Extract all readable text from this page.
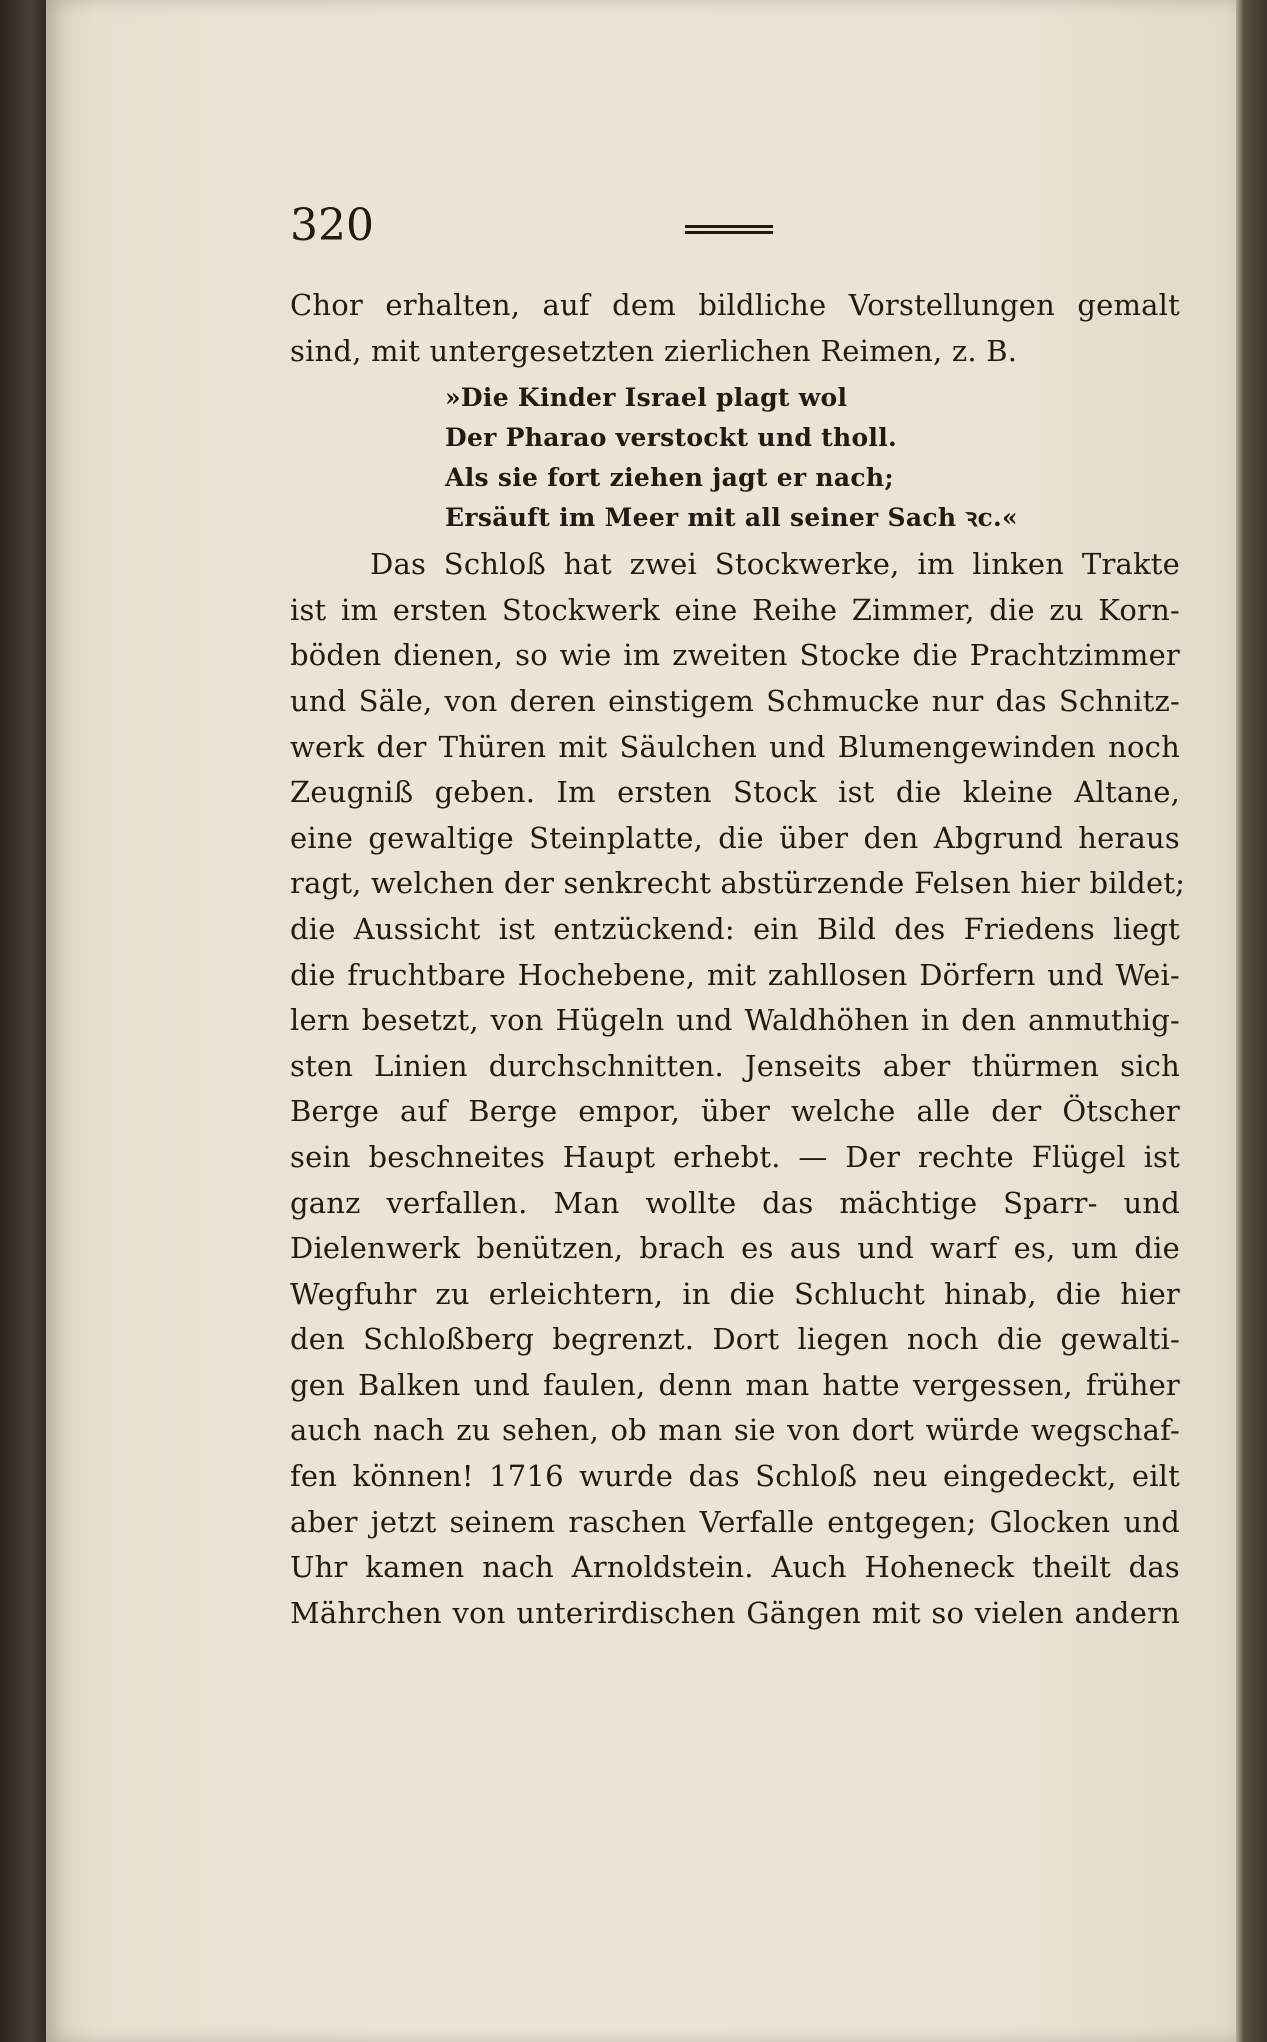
320
Chor erhalten, auf dem bildliche Vorstellungen gemalt
sind, mit untergesetzten zierlichen Reimen, z. B.
»Die Kinder Israel plagt wol
Der Pharao verstockt und tholl.
Als sie fort ziehen jagt er nach;
Ersäuft im Meer mit all seiner Sach ꝛc.«
Das Schloß hat zwei Stockwerke, im linken Trakte
ist im ersten Stockwerk eine Reihe Zimmer, die zu Korn-
böden dienen, so wie im zweiten Stocke die Prachtzimmer
und Säle, von deren einstigem Schmucke nur das Schnitz-
werk der Thüren mit Säulchen und Blumengewinden noch
Zeugniß geben. Im ersten Stock ist die kleine Altane,
eine gewaltige Steinplatte, die über den Abgrund heraus
ragt, welchen der senkrecht abstürzende Felsen hier bildet;
die Aussicht ist entzückend: ein Bild des Friedens liegt
die fruchtbare Hochebene, mit zahllosen Dörfern und Wei-
lern besetzt, von Hügeln und Waldhöhen in den anmuthig-
sten Linien durchschnitten. Jenseits aber thürmen sich
Berge auf Berge empor, über welche alle der Ötscher
sein beschneites Haupt erhebt. — Der rechte Flügel ist
ganz verfallen. Man wollte das mächtige Sparr- und
Dielenwerk benützen, brach es aus und warf es, um die
Wegfuhr zu erleichtern, in die Schlucht hinab, die hier
den Schloßberg begrenzt. Dort liegen noch die gewalti-
gen Balken und faulen, denn man hatte vergessen, früher
auch nach zu sehen, ob man sie von dort würde wegschaf-
fen können! 1716 wurde das Schloß neu eingedeckt, eilt
aber jetzt seinem raschen Verfalle entgegen; Glocken und
Uhr kamen nach Arnoldstein. Auch Hoheneck theilt das
Mährchen von unterirdischen Gängen mit so vielen andern
